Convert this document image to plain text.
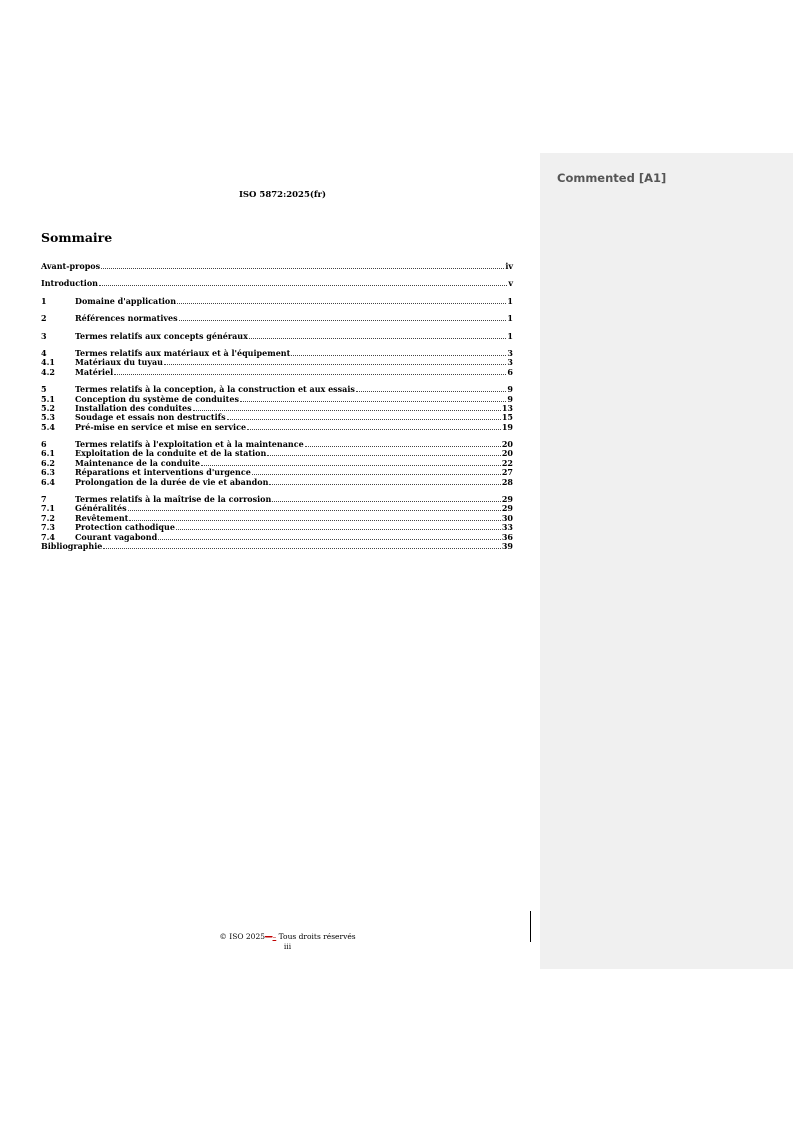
Commented [A1]
ISO 5872:2025(fr)
Sommaire
Avant-propos	iv
Introduction	v
1	Domaine d'application	1
2	Références normatives	1
3	Termes relatifs aux concepts généraux	1
4	Termes relatifs aux matériaux et à l'équipement	3
4.1	Matériaux du tuyau	3
4.2	Matériel	6
5	Termes relatifs à la conception, à la construction et aux essais	9
5.1	Conception du système de conduites	9
5.2	Installation des conduites	13
5.3	Soudage et essais non destructifs	15
5.4	Pré-mise en service et mise en service	19
6	Termes relatifs à l'exploitation et à la maintenance	20
6.1	Exploitation de la conduite et de la station	20
6.2	Maintenance de la conduite	22
6.3	Réparations et interventions d'urgence	27
6.4	Prolongation de la durée de vie et abandon	28
7	Termes relatifs à la maîtrise de la corrosion	29
7.1	Généralités	29
7.2	Revêtement	30
7.3	Protection cathodique	33
7.4	Courant vagabond	36
Bibliographie	39
© ISO 2025—– Tous droits réservés
iii
